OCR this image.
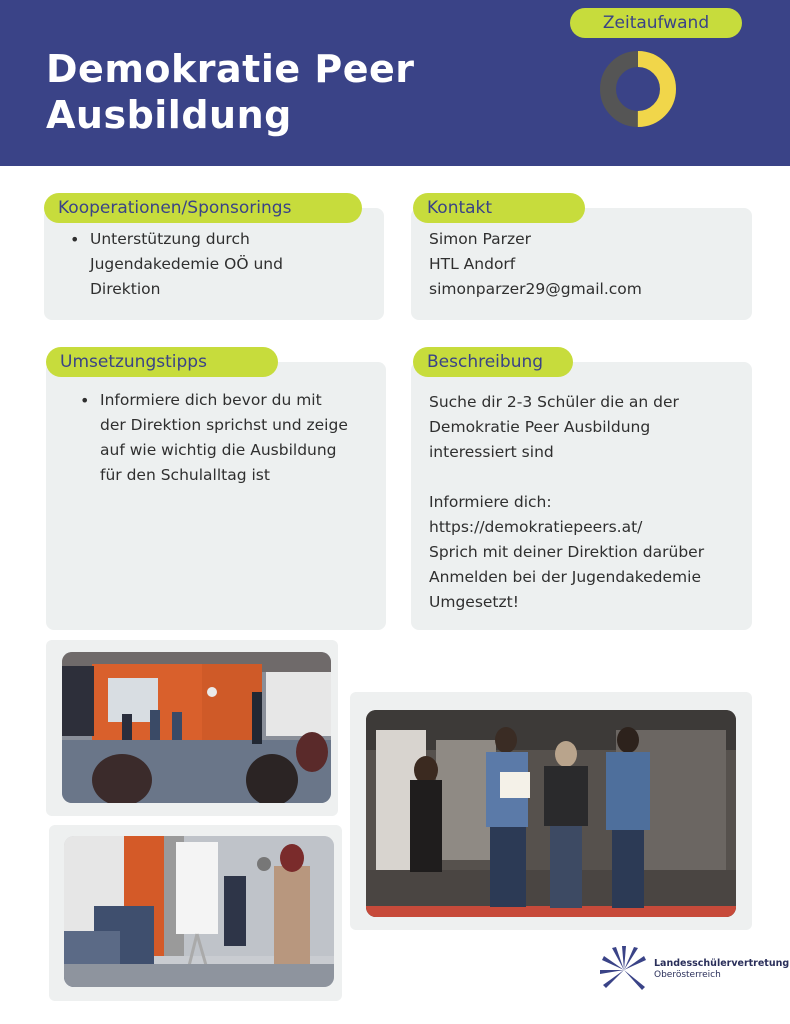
Demokratie Peer
Ausbildung
Zeitaufwand
Kooperationen/Sponsorings
• Unterstützung durch
Jugendakedemie OÖ und
Direktion
Kontakt
Simon Parzer
HTL Andorf
simonparzer29@gmail.com
Umsetzungstipps
• Informiere dich bevor du mit
der Direktion sprichst und zeige
auf wie wichtig die Ausbildung
für den Schulalltag ist
Beschreibung
Suche dir 2-3 Schüler die an der
Demokratie Peer Ausbildung
interessiert sind
Informiere dich:
https://demokratiepeers.at/
Sprich mit deiner Direktion darüber
Anmelden bei der Jugendakedemie
Umgesetzt!
Landesschülervertretung
Oberösterreich
